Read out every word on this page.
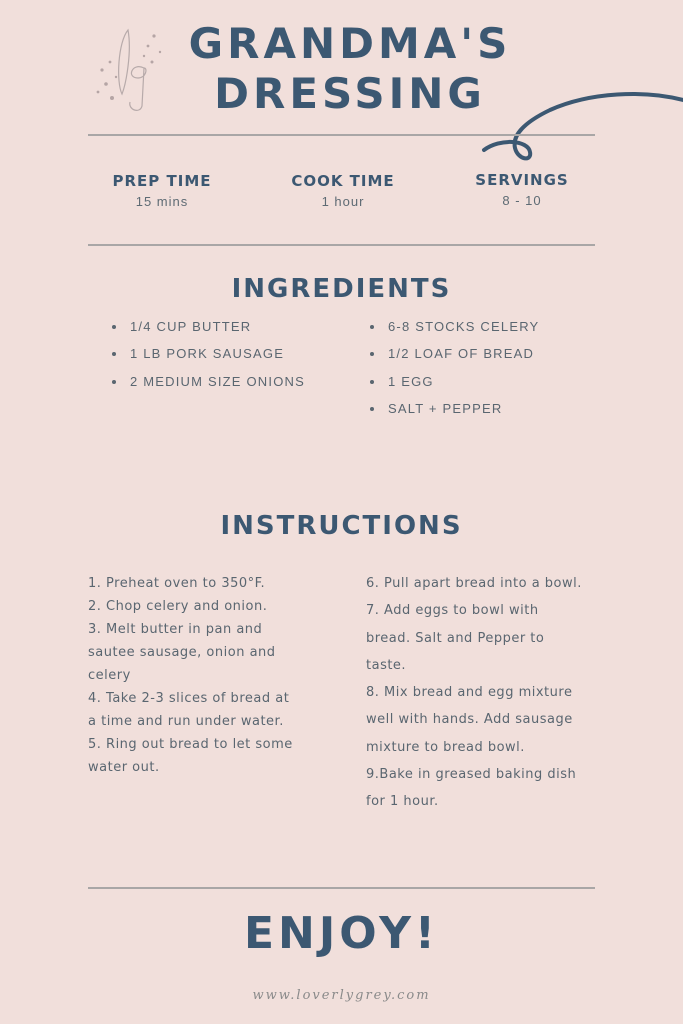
GRANDMA'S
DRESSING
PREP TIME
15 mins
COOK TIME
1 hour
SERVINGS
8 - 10
INGREDIENTS
1/4 CUP BUTTER
1 LB PORK SAUSAGE
2 MEDIUM SIZE ONIONS
6-8 STOCKS CELERY
1/2 LOAF OF BREAD
1 EGG
SALT + PEPPER
INSTRUCTIONS
1. Preheat oven to 350°F.
2. Chop celery and onion.
3. Melt butter in pan and
sautee sausage, onion and
celery
4. Take 2-3 slices of bread at
a time and run under water.
5. Ring out bread to let some
water out.
6. Pull apart bread into a bowl.
7. Add eggs to bowl with
bread. Salt and Pepper to
taste.
8. Mix bread and egg mixture
well with hands. Add sausage
mixture to bread bowl.
9.Bake in greased baking dish
for 1 hour.
ENJOY!
www.loverlygrey.com
